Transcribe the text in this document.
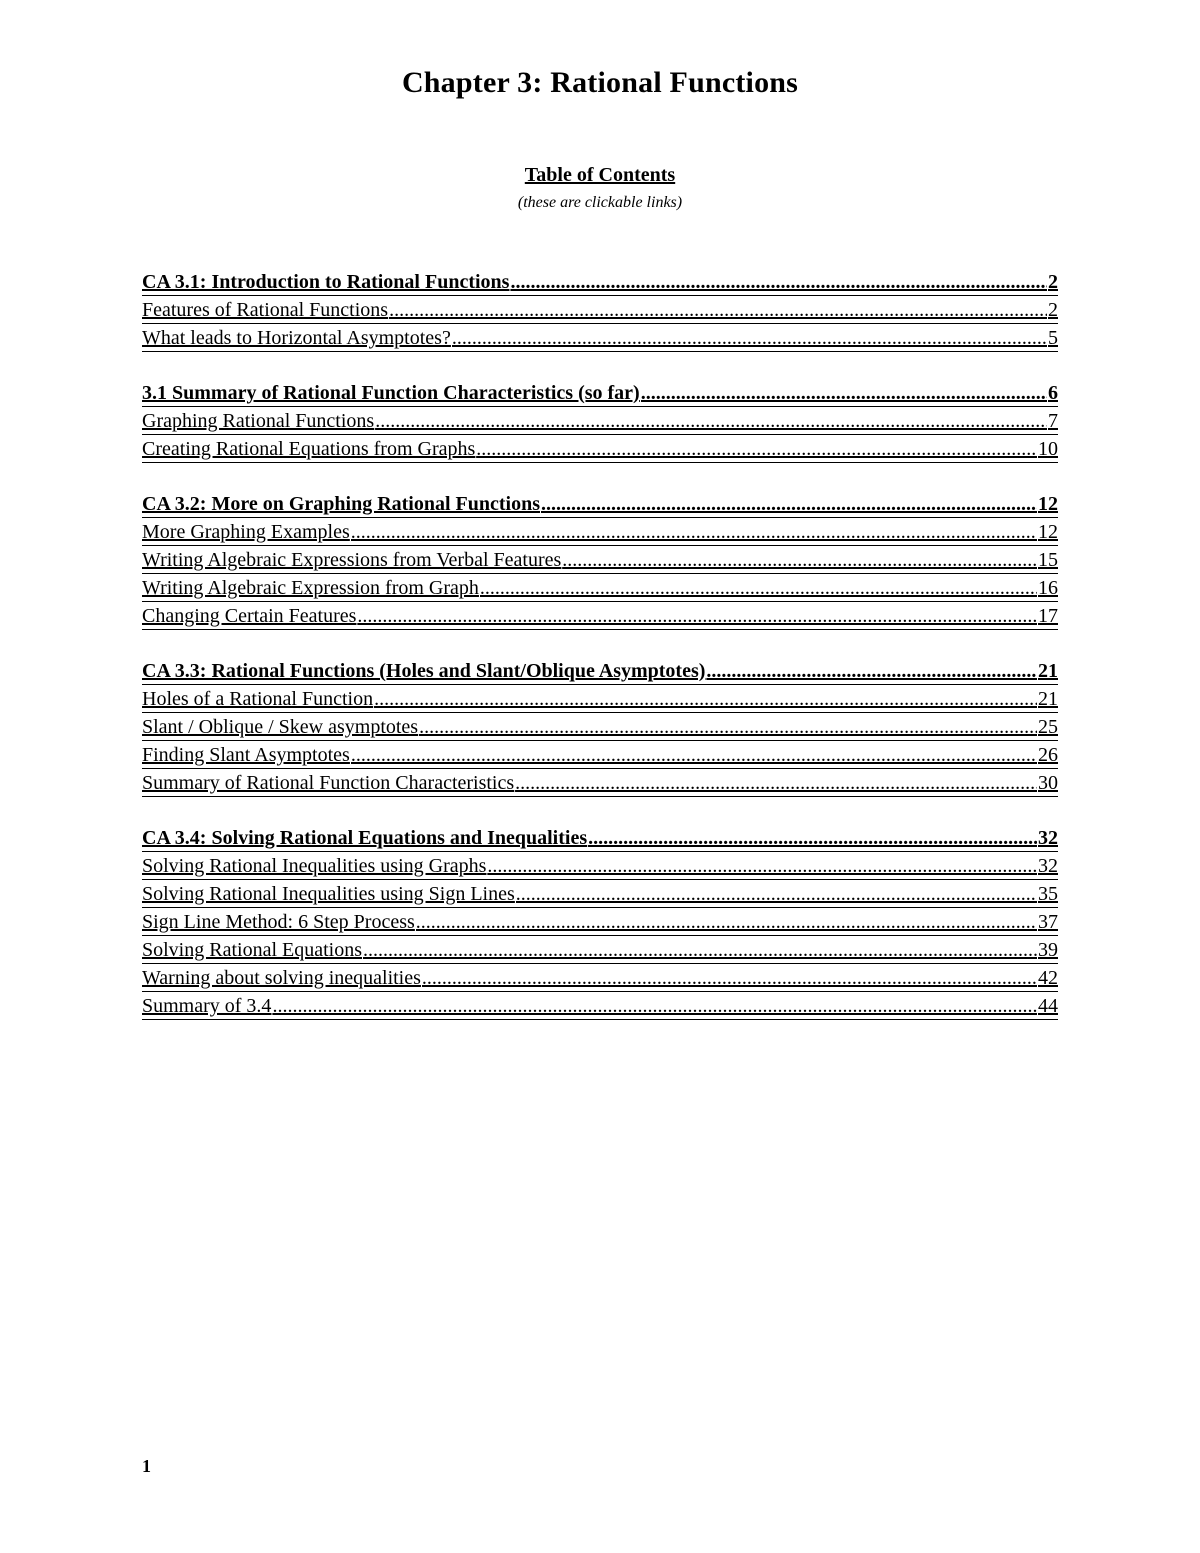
Chapter 3: Rational Functions
Table of Contents

(these are clickable links)

CA 3.1: Introduction to Rational Functions .....	2
Features of Rational Functions .....	2
What leads to Horizontal Asymptotes? .....	5
3.1 Summary of Rational Function Characteristics (so far) .....	6
Graphing Rational Functions .....	7
Creating Rational Equations from Graphs .....	10
CA 3.2: More on Graphing Rational Functions .....	12
More Graphing Examples .....	12
Writing Algebraic Expressions from Verbal Features .....	15
Writing Algebraic Expression from Graph .....	16
Changing Certain Features .....	17
CA 3.3: Rational Functions (Holes and Slant/Oblique Asymptotes) .....	21
Holes of a Rational Function .....	21
Slant / Oblique / Skew asymptotes .....	25
Finding Slant Asymptotes .....	26
Summary of Rational Function Characteristics .....	30
CA 3.4: Solving Rational Equations and Inequalities .....	32
Solving Rational Inequalities using Graphs .....	32
Solving Rational Inequalities using Sign Lines .....	35
Sign Line Method: 6 Step Process .....	37
Solving Rational Equations .....	39
Warning about solving inequalities .....	42
Summary of 3.4 .....	44
1
